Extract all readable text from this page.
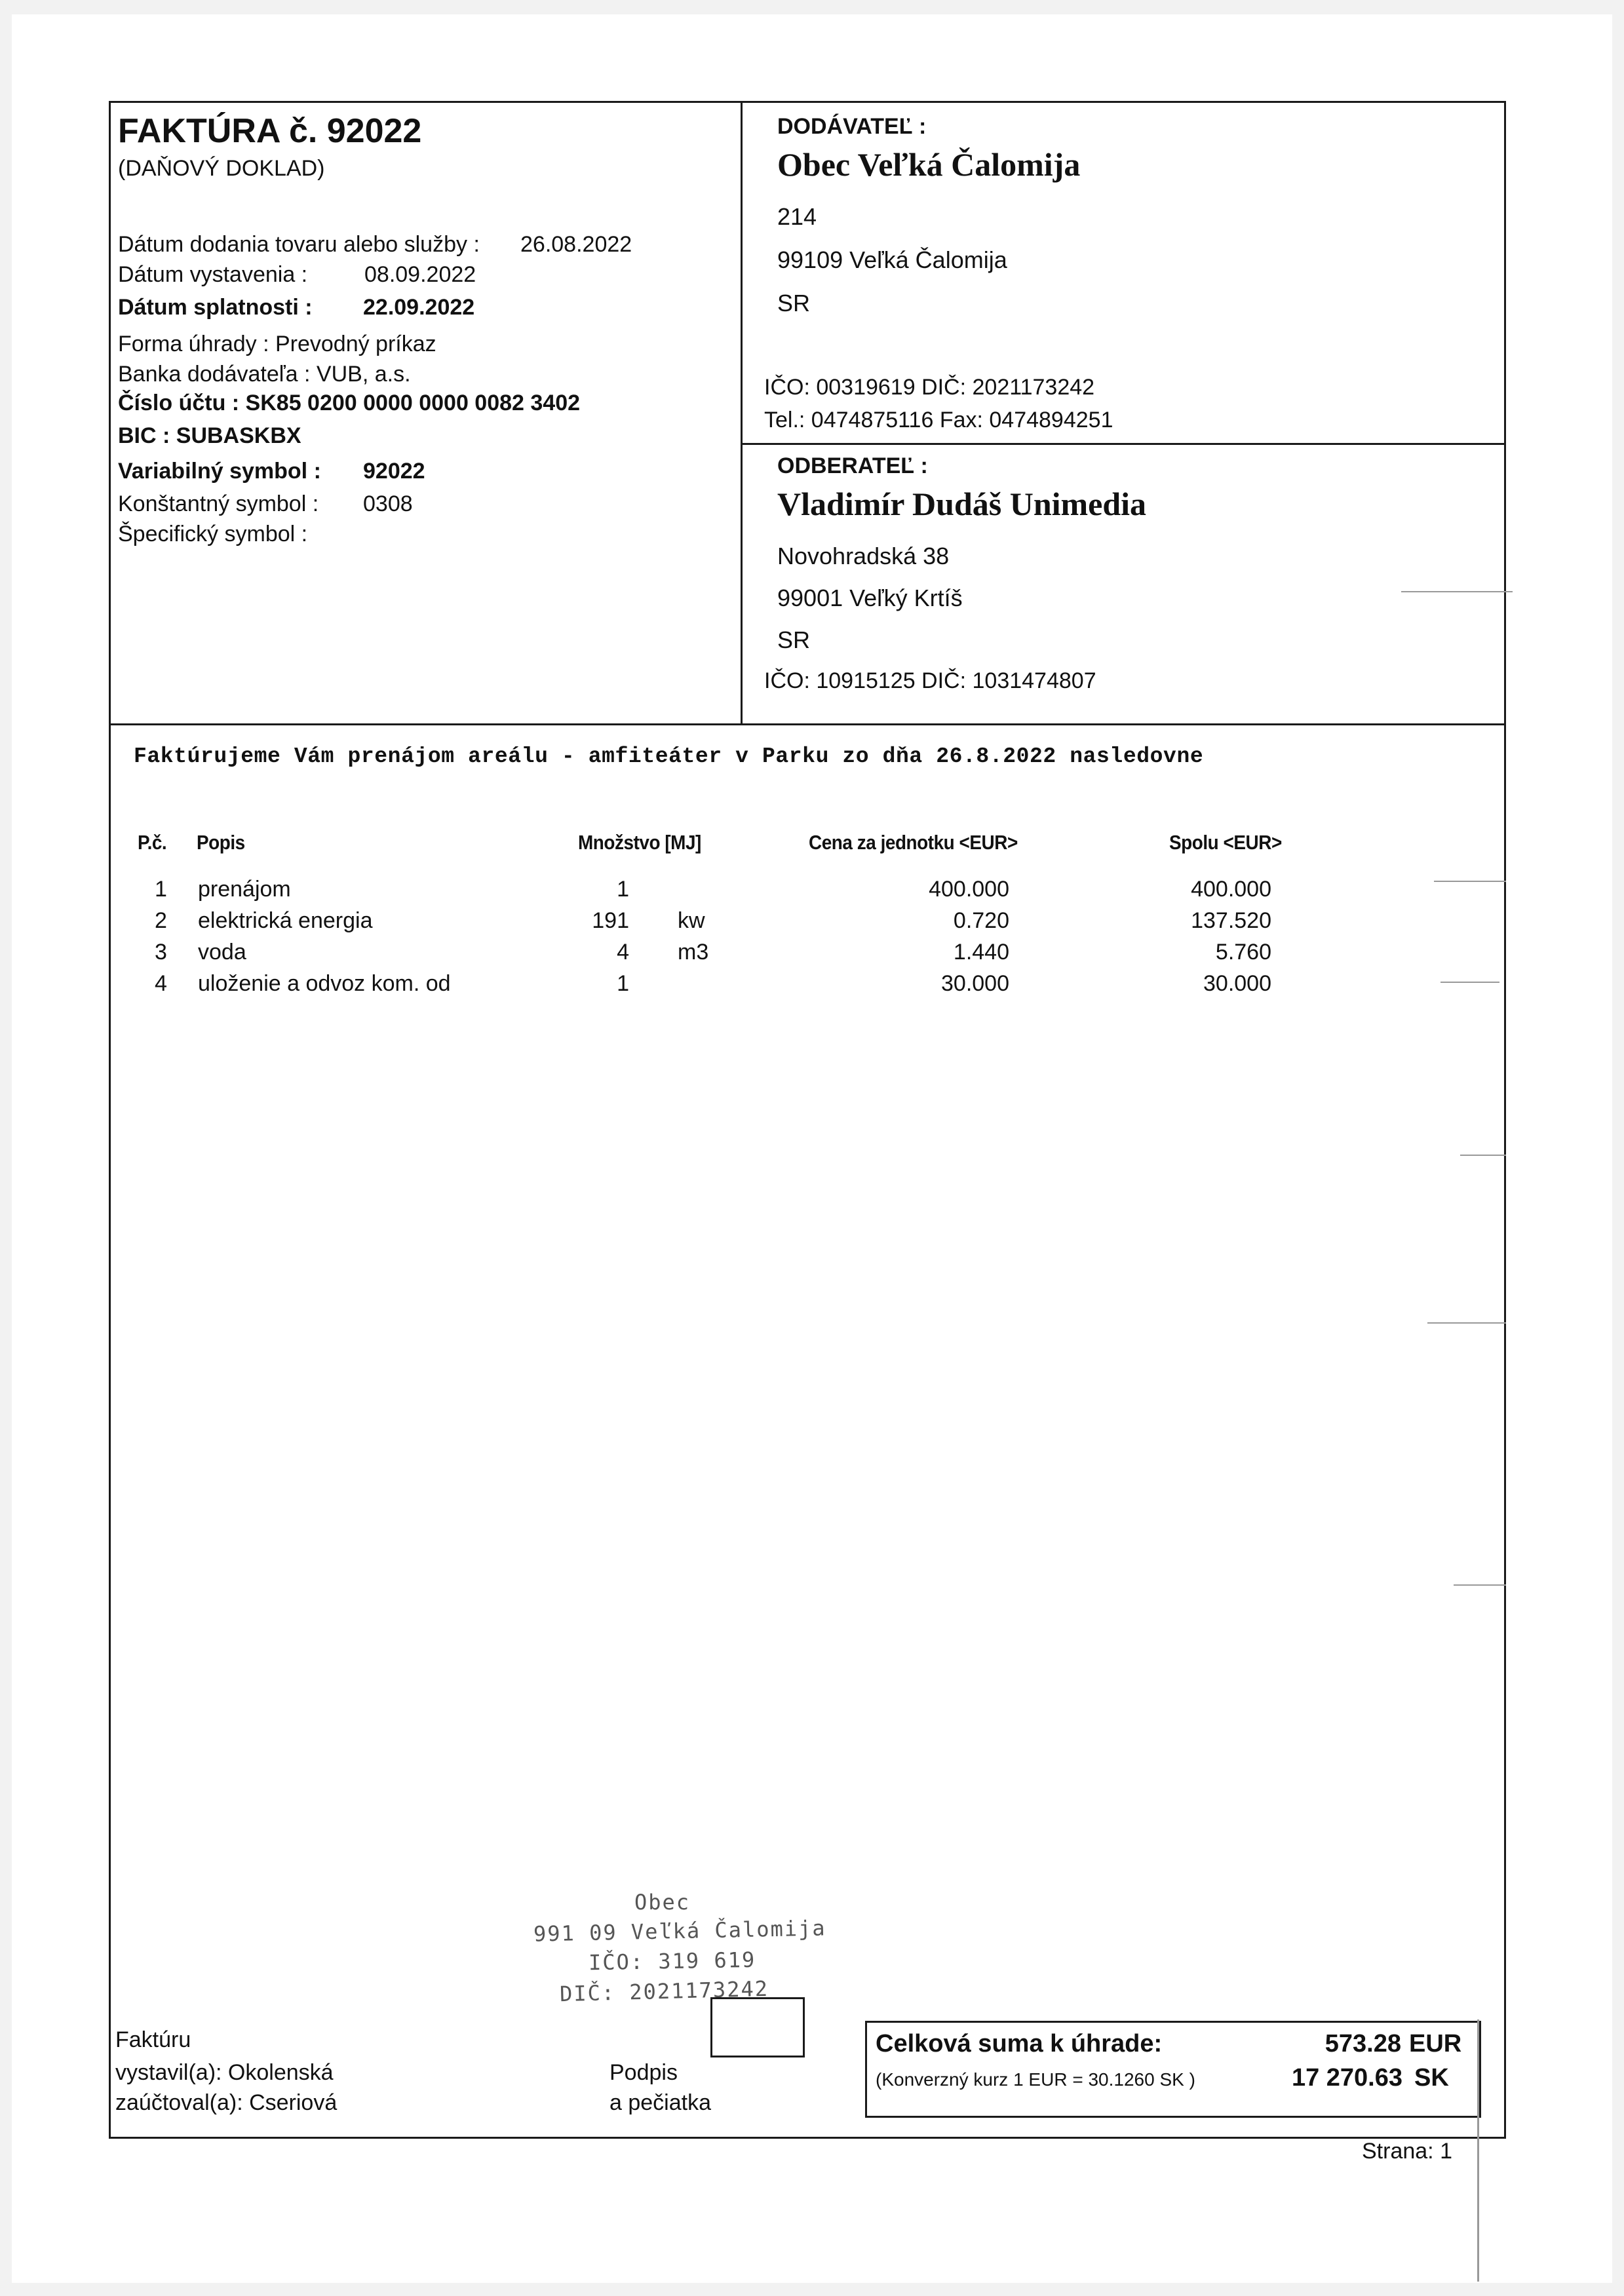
FAKTÚRA č. 92022
(DAŇOVÝ DOKLAD)
Dátum dodania tovaru alebo služby : 26.08.2022
Dátum vystavenia :	08.09.2022
Dátum splatnosti : 22.09.2022
Forma úhrady : Prevodný príkaz
Banka dodávateľa : VUB, a.s.
Číslo účtu : SK85 0200 0000 0000 0082 3402
BIC : SUBASKBX
Variabilný symbol : 92022
Konštantný symbol : 0308
Špecifický symbol :
DODÁVATEĽ :
Obec Veľká Čalomija
214
99109 Veľká Čalomija
SR
IČO: 00319619 DIČ: 2021173242
Tel.: 0474875116 Fax: 0474894251
ODBERATEĽ :
Vladimír Dudáš Unimedia
Novohradská 38
99001 Veľký Krtíš
SR
IČO: 10915125 DIČ: 1031474807
Faktúrujeme Vám prenájom areálu - amfiteáter v Parku zo dňa 26.8.2022 nasledovne
P.č. Popis	Množstvo [MJ]	Cena za jednotku <EUR>	Spolu <EUR>
1 prenájom	1	400.000	400.000
2 elektrická energia	191 kw	0.720	137.520
3 voda	4 m3	1.440	5.760
4 uloženie a odvoz kom. od	1	30.000	30.000
Obec
991 09 Veľká Čalomija
IČO: 319 619
DIČ: 2021173242
Faktúru
vystavil(a): Okolenská
zaúčtoval(a): Cseriová
Podpis
a pečiatka
Celková suma k úhrade:	573.28 EUR
(Konverzný kurz 1 EUR = 30.1260 SK )	17 270.63 SK
Strana: 1
